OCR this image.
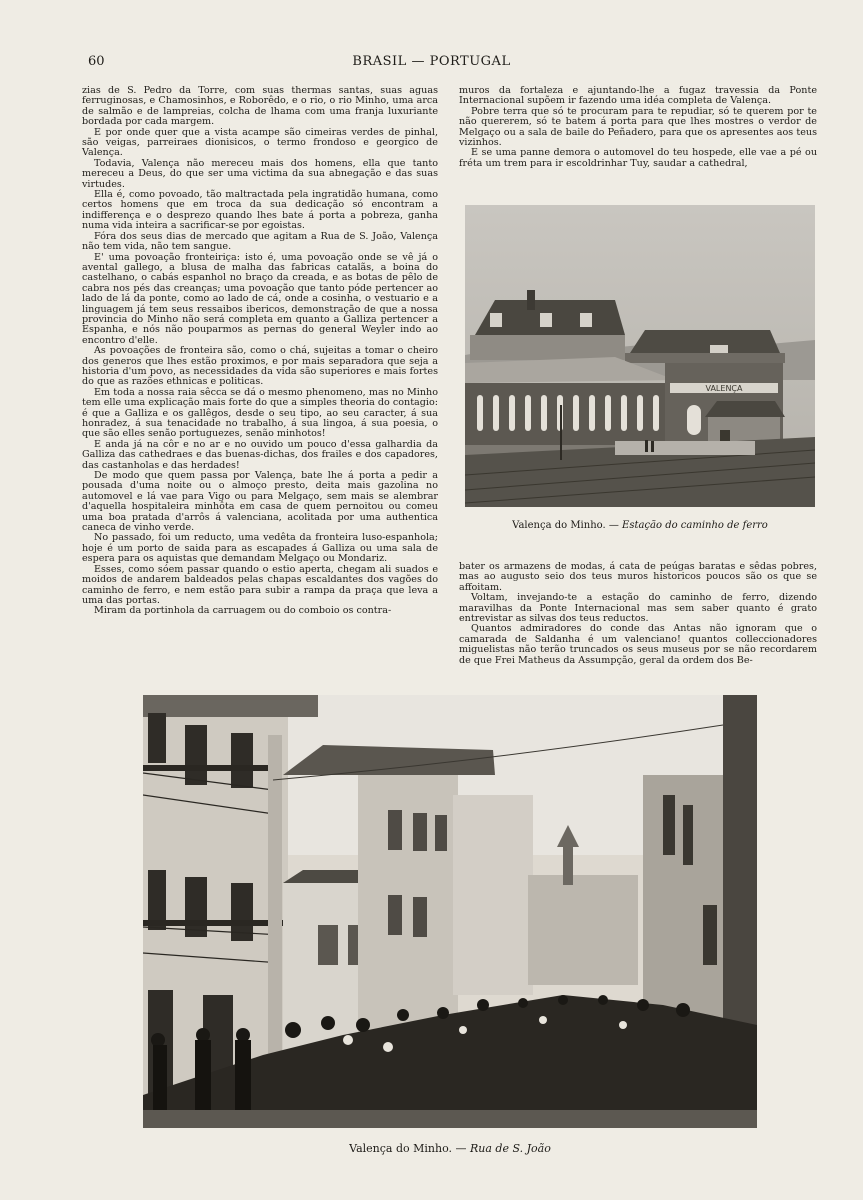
60	BRASIL — PORTUGAL

zias de S. Pedro da Torre, com suas thermas santas, suas aguas ferruginosas, e Chamosinhos, e Roborêdo, e o rio, o rio Minho, uma arca de salmão e de lampreias, colcha de lhama com uma franja luxuriante bordada por cada margem.

E por onde quer que a vista acampe são cimeiras verdes de pinhal, são veigas, parreiraes dionisicos, o termo frondoso e georgico de Valença.

Todavia, Valença não mereceu mais dos homens, ella que tanto mereceu a Deus, do que ser uma victima da sua abnegação e das suas virtudes.

Ella é, como povoado, tão maltractada pela ingratidão humana, como certos homens que em troca da sua dedicação só encontram a indifferença e o desprezo quando lhes bate á porta a pobreza, ganha numa vida inteira a sacrificar-se por egoistas.

Fóra dos seus dias de mercado que agitam a Rua de S. João, Valença não tem vida, não tem sangue.

E' uma povoação fronteiriça: isto é, uma povoação onde se vê já o avental gallego, a blusa de malha das fabricas catalãs, a boina do castelhano, o cabás espanhol no braço da creada, e as botas de pêlo de cabra nos pés das creanças; uma povoação que tanto póde pertencer ao lado de lá da ponte, como ao lado de cá, onde a cosinha, o vestuario e a linguagem já tem seus ressaibos ibericos, demonstração de que a nossa provincia do Minho não será completa em quanto a Galliza pertencer a Espanha, e nós não pouparmos as pernas do general Weyler indo ao encontro d'elle.

As povoações de fronteira são, como o chá, sujeitas a tomar o cheiro dos generos que lhes estão proximos, e por mais separadora que seja a historia d'um povo, as necessidades da vida são superiores e mais fortes do que as razões ethnicas e politicas.

Em toda a nossa raia sêcca se dá o mesmo phenomeno, mas no Minho tem elle uma explicação mais forte do que a simples theoria do contagio: é que a Galliza e os gallêgos, desde o seu tipo, ao seu caracter, á sua honradez, á sua tenacidade no trabalho, á sua lingoa, á sua poesia, o que são elles senão portuguezes, senão minhotos!

E anda já na côr e no ar e no ouvido um pouco d'essa galhardia da Galliza das cathedraes e das buenas-dichas, dos frailes e dos capadores, das castanholas e das herdades!

De modo que quem passa por Valença, bate lhe á porta a pedir a pousada d'uma noite ou o almoço presto, deita mais gazolina no automovel e lá vae para Vigo ou para Melgaço, sem mais se alembrar d'aquella hospitaleira minhôta em casa de quem pernoitou ou comeu uma boa pratada d'arrôs á valenciana, acolitada por uma authentica caneca de vinho verde.

No passado, foi um reducto, uma vedêta da fronteira luso-espanhola; hoje é um porto de saida para as escapades á Galliza ou uma sala de espera para os aquistas que demandam Melgaço ou Mondariz.

Esses, como sóem passar quando o estio aperta, chegam ali suados e moidos de andarem baldeados pelas chapas escaldantes dos vagões do caminho de ferro, e nem estão para subir a rampa da praça que leva a uma das portas.

Miram da portinhola da carruagem ou do comboio os contra-

muros da fortaleza e ajuntando-lhe a fugaz travessia da Ponte Internacional supõem ir fazendo uma idéa completa de Valença.

Pobre terra que só te procuram para te repudiar, só te querem por te não quererem, só te batem á porta para que lhes mostres o verdor de Melgaço ou a sala de baile do Peñadero, para que os apresentes aos teus vizinhos.

E se uma panne demora o automovel do teu hospede, elle vae a pé ou fréta um trem para ir escoldrinhar Tuy, saudar a cathedral,

VALENÇA
Valença do Minho. — Estação do caminho de ferro

bater os armazens de modas, á cata de peúgas baratas e sêdas pobres, mas ao augusto seio dos teus muros historicos poucos são os que se affoitam.

Voltam, invejando-te a estação do caminho de ferro, dizendo maravilhas da Ponte Internacional mas sem saber quanto é grato entrevistar as silvas dos teus reductos.

Quantos admiradores do conde das Antas não ignoram que o camarada de Saldanha é um valenciano! quantos colleccionadores miguelistas não terão truncados os seus museus por se não recordarem de que Frei Matheus da Assumpção, geral da ordem dos Be-

Valença do Minho. — Rua de S. João
